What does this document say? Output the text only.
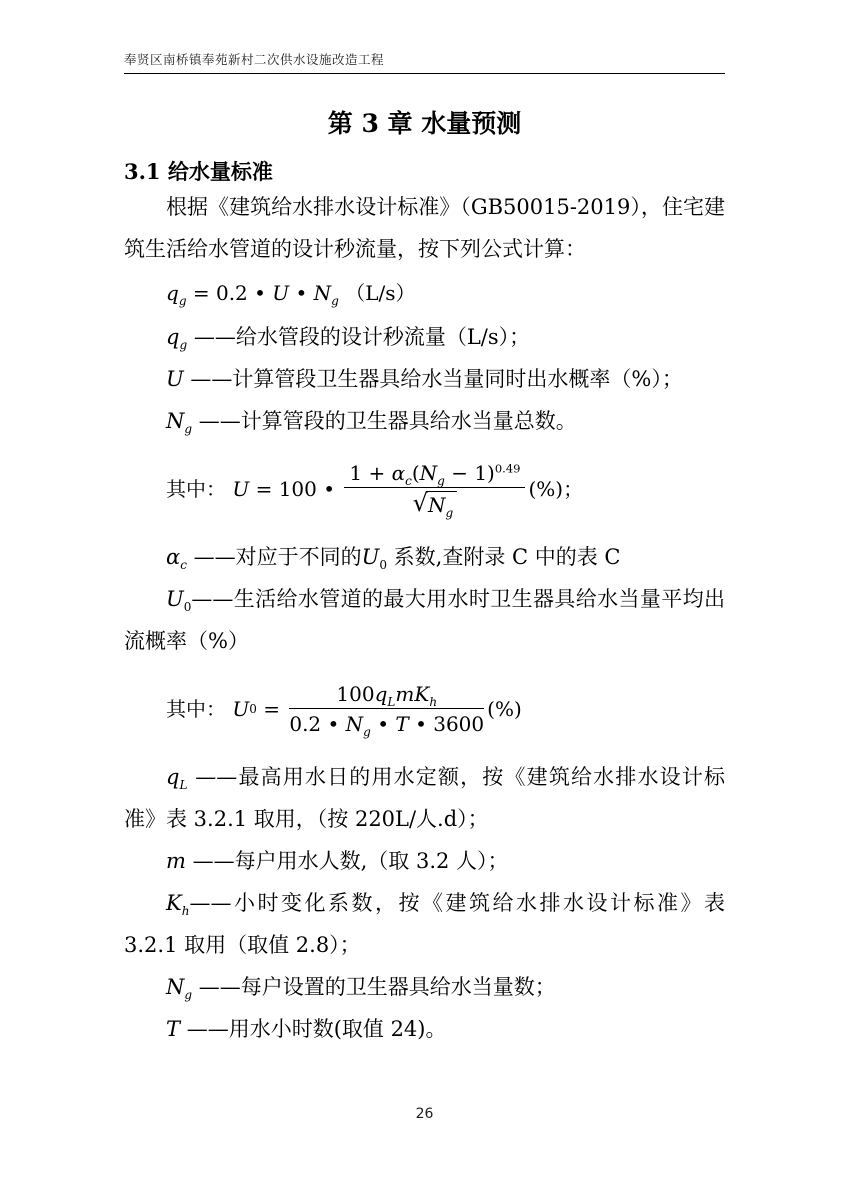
奉贤区南桥镇奉苑新村二次供水设施改造工程
第 3 章 水量预测
3.1 给水量标准

根据《建筑给水排水设计标准》（GB50015-2019），住宅建筑生活给水管道的设计秒流量，按下列公式计算：

$q_g = 0.2$ • U • $N_g$ （L/s）

$q_g$ ——给水管段的设计秒流量（L/s）；

U ——计算管段卫生器具给水当量同时出水概率（%）；

$N_g$ ——计算管段的卫生器具给水当量总数。

其中：
U = 100 • $\frac{1 + \alpha_c(N_g - 1)^{0.49}}{√N_g}$ (%)；

$\alpha_c$ ——对应于不同的$U_0$ 系数,查附录 C 中的表 C

$U_0——$生活给水管道的最大用水时卫生器具给水当量平均出流概率（%）

其中：
U $0 = \frac{100q_LmK_h}{0.2 • N_g • T • 3600}$ (%)

$q_L$ ——最高用水日的用水定额，按《建筑给水排水设计标准》表 3.2.1 取用，（按 220L/人.d）；

m ——每户用水人数,（取 3.2 人）；

$K_h——$小时变化系数，按《建筑给水排水设计标准》表 3.2.1 取用（取值 2.8）；

$N_g$ ——每户设置的卫生器具给水当量数；

T ——用水小时数(取值 24)。

26
